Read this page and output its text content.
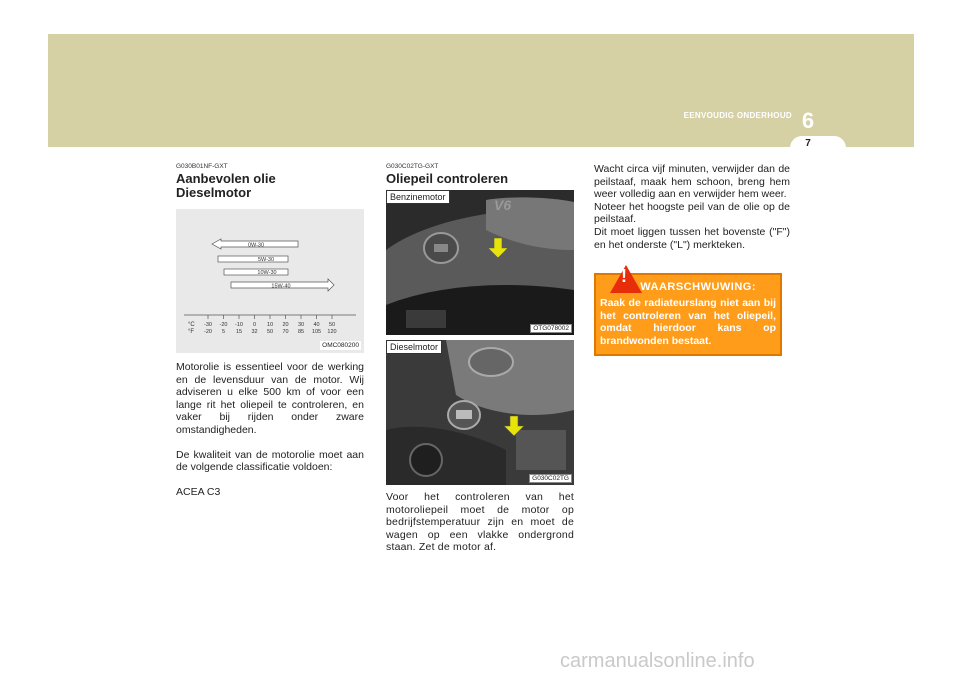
6
EENVOUDIG ONDERHOUD
7
G030B01NF-GXT
Aanbevolen olie
Dieselmotor
0W-30
5W-30
10W-30
15W-40
-30
-20
-20
5
-10
15
0
32
10
50
20
70
30
85
40
105
50
120
°C
°F
OMC080200

Motorolie is essentieel voor de werking en de levensduur van de motor. Wij adviseren u elke 500 km of voor een lange rit het oliepeil te controleren, en vaker bij rijden onder zware omstandigheden.

De kwaliteit van de motorolie moet aan de volgende classificatie voldoen:

ACEA C3

G030C02TG-GXT
Oliepeil controleren
Benzinemotor	V6
OTG078002
Dieselmotor
G030C02TG

Voor het controleren van het motoroliepeil moet de motor op bedrijfstemperatuur zijn en moet de wagen op een vlakke ondergrond staan. Zet de motor af.

Wacht circa vijf minuten, verwijder dan de peilstaaf, maak hem schoon, breng hem weer volledig aan en verwijder hem weer.

Noteer het hoogste peil van de olie op de peilstaaf.

Dit moet liggen tussen het bovenste ("F") en het onderste ("L") merkteken.

!
WAARSCHWUWING:
Raak de radiateurslang niet aan bij het controleren van het oliepeil, omdat hierdoor kans op brandwonden bestaat.
carmanualsonline.info
